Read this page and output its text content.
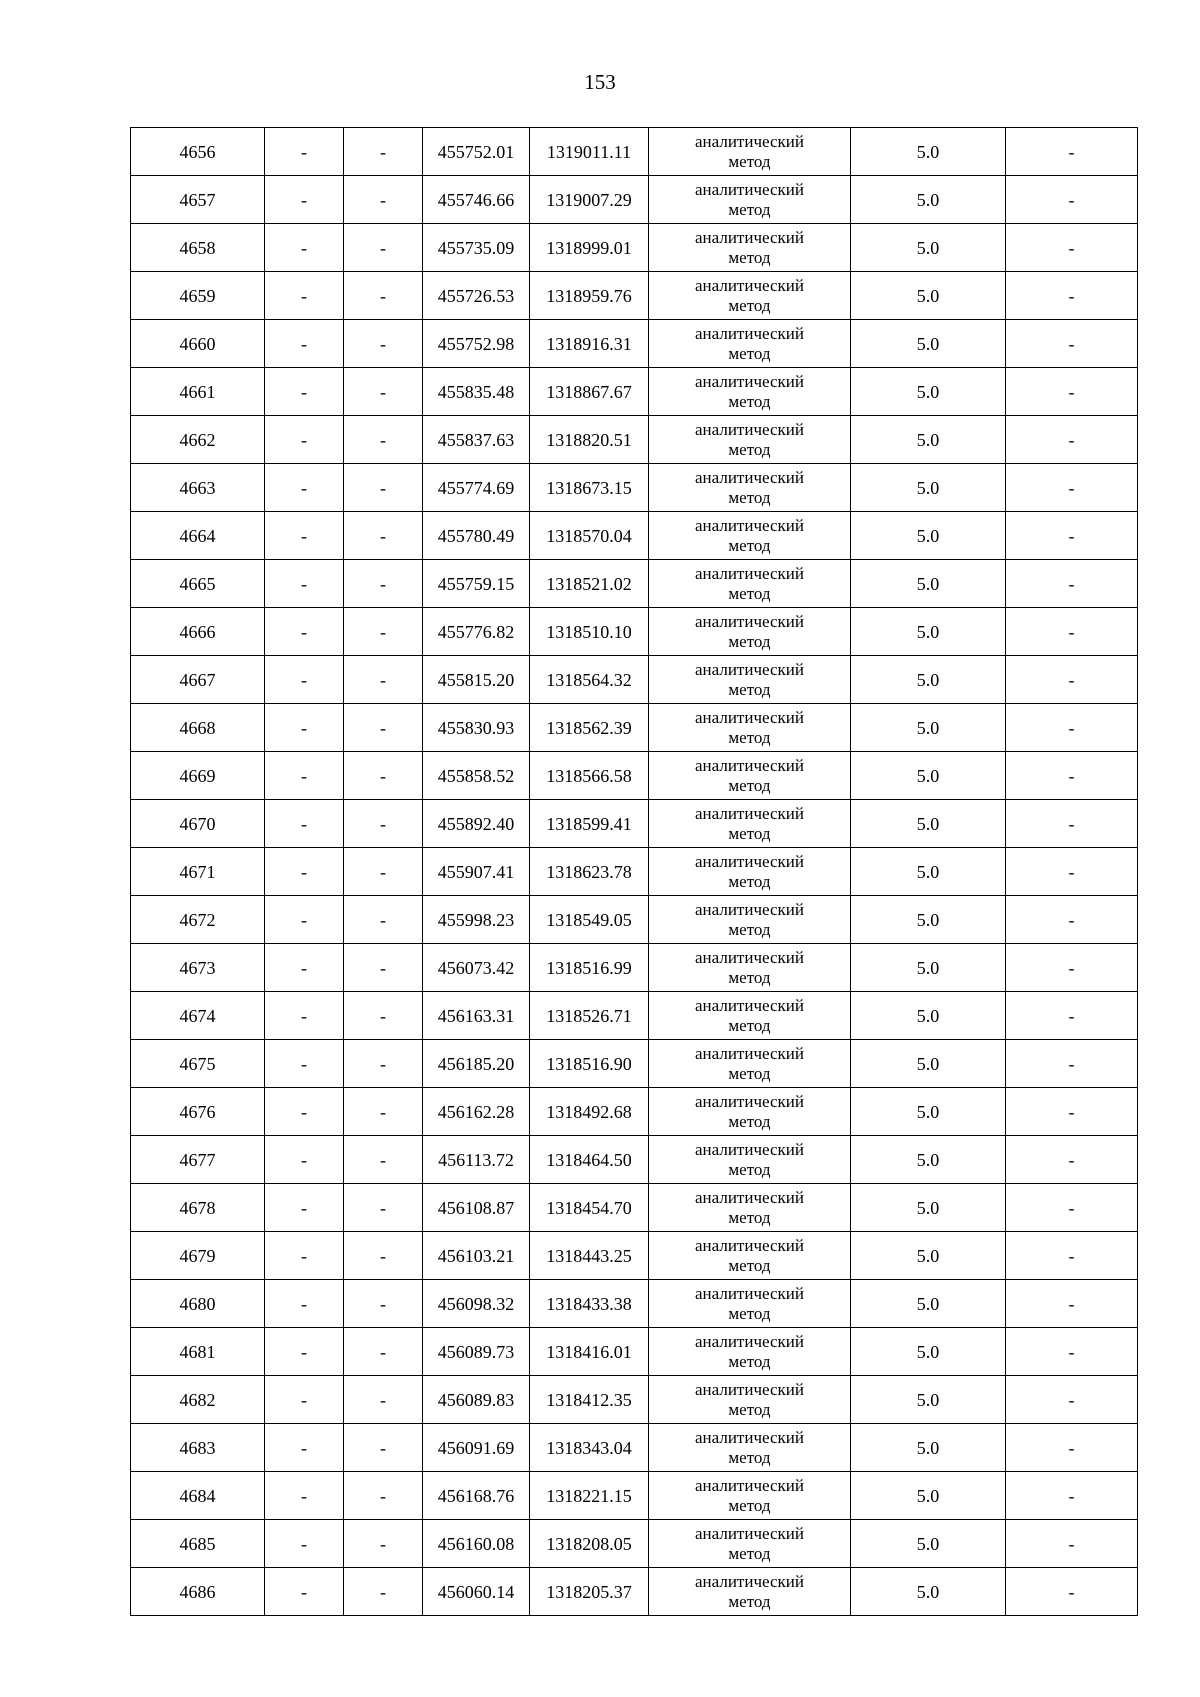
153
4656	-	-	455752.01	1319011.11	аналитический
метод	5.0	-
4657	-	-	455746.66	1319007.29	аналитический
метод	5.0	-
4658	-	-	455735.09	1318999.01	аналитический
метод	5.0	-
4659	-	-	455726.53	1318959.76	аналитический
метод	5.0	-
4660	-	-	455752.98	1318916.31	аналитический
метод	5.0	-
4661	-	-	455835.48	1318867.67	аналитический
метод	5.0	-
4662	-	-	455837.63	1318820.51	аналитический
метод	5.0	-
4663	-	-	455774.69	1318673.15	аналитический
метод	5.0	-
4664	-	-	455780.49	1318570.04	аналитический
метод	5.0	-
4665	-	-	455759.15	1318521.02	аналитический
метод	5.0	-
4666	-	-	455776.82	1318510.10	аналитический
метод	5.0	-
4667	-	-	455815.20	1318564.32	аналитический
метод	5.0	-
4668	-	-	455830.93	1318562.39	аналитический
метод	5.0	-
4669	-	-	455858.52	1318566.58	аналитический
метод	5.0	-
4670	-	-	455892.40	1318599.41	аналитический
метод	5.0	-
4671	-	-	455907.41	1318623.78	аналитический
метод	5.0	-
4672	-	-	455998.23	1318549.05	аналитический
метод	5.0	-
4673	-	-	456073.42	1318516.99	аналитический
метод	5.0	-
4674	-	-	456163.31	1318526.71	аналитический
метод	5.0	-
4675	-	-	456185.20	1318516.90	аналитический
метод	5.0	-
4676	-	-	456162.28	1318492.68	аналитический
метод	5.0	-
4677	-	-	456113.72	1318464.50	аналитический
метод	5.0	-
4678	-	-	456108.87	1318454.70	аналитический
метод	5.0	-
4679	-	-	456103.21	1318443.25	аналитический
метод	5.0	-
4680	-	-	456098.32	1318433.38	аналитический
метод	5.0	-
4681	-	-	456089.73	1318416.01	аналитический
метод	5.0	-
4682	-	-	456089.83	1318412.35	аналитический
метод	5.0	-
4683	-	-	456091.69	1318343.04	аналитический
метод	5.0	-
4684	-	-	456168.76	1318221.15	аналитический
метод	5.0	-
4685	-	-	456160.08	1318208.05	аналитический
метод	5.0	-
4686	-	-	456060.14	1318205.37	аналитический
метод	5.0	-
